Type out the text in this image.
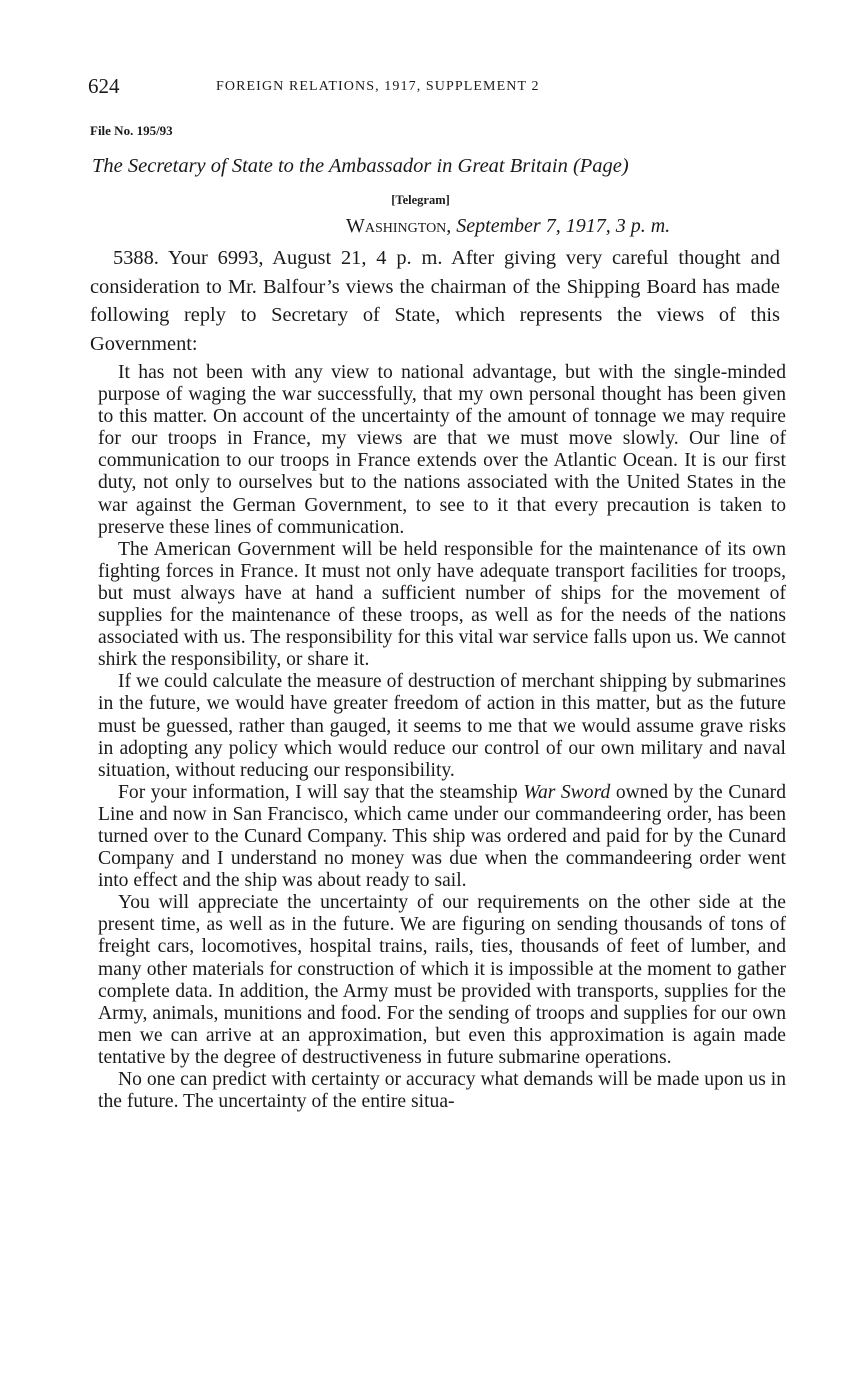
624	FOREIGN RELATIONS, 1917, SUPPLEMENT 2
File No. 195/93
The Secretary of State to the Ambassador in Great Britain (Page)
[Telegram]
Washington, September 7, 1917, 3 p. m.

5388. Your 6993, August 21, 4 p. m. After giving very careful thought and consideration to Mr. Balfour’s views the chairman of the Shipping Board has made following reply to Secretary of State, which represents the views of this Government:

It has not been with any view to national advantage, but with the single-minded purpose of waging the war successfully, that my own personal thought has been given to this matter. On account of the uncertainty of the amount of tonnage we may require for our troops in France, my views are that we must move slowly. Our line of communication to our troops in France extends over the Atlantic Ocean. It is our first duty, not only to ourselves but to the nations associated with the United States in the war against the German Government, to see to it that every precaution is taken to preserve these lines of communication.

The American Government will be held responsible for the maintenance of its own fighting forces in France. It must not only have adequate transport facilities for troops, but must always have at hand a sufficient number of ships for the movement of supplies for the maintenance of these troops, as well as for the needs of the nations associated with us. The responsibility for this vital war service falls upon us. We cannot shirk the responsibility, or share it.

If we could calculate the measure of destruction of merchant shipping by submarines in the future, we would have greater freedom of action in this matter, but as the future must be guessed, rather than gauged, it seems to me that we would assume grave risks in adopting any policy which would reduce our control of our own military and naval situation, without reducing our responsibility.

For your information, I will say that the steamship War Sword owned by the Cunard Line and now in San Francisco, which came under our commandeering order, has been turned over to the Cunard Company. This ship was ordered and paid for by the Cunard Company and I understand no money was due when the commandeering order went into effect and the ship was about ready to sail.

You will appreciate the uncertainty of our requirements on the other side at the present time, as well as in the future. We are figuring on sending thousands of tons of freight cars, locomotives, hospital trains, rails, ties, thousands of feet of lumber, and many other materials for construction of which it is impossible at the moment to gather complete data. In addition, the Army must be provided with transports, supplies for the Army, animals, munitions and food. For the sending of troops and supplies for our own men we can arrive at an approximation, but even this approximation is again made tentative by the degree of destructiveness in future submarine operations.

No one can predict with certainty or accuracy what demands will be made upon us in the future. The uncertainty of the entire situa-
